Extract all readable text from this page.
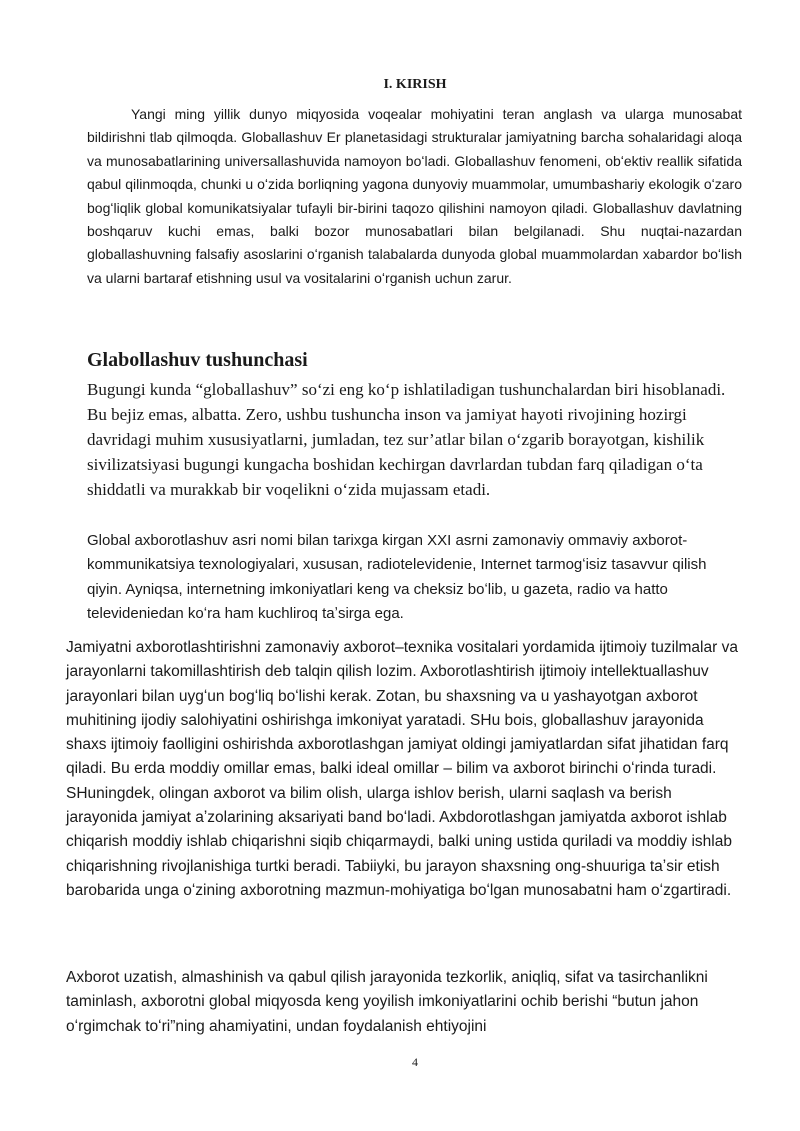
I. KIRISH

Yangi ming yillik dunyo miqyosida voqealar mohiyatini teran anglash va ularga munosabat bildirishni tlab qilmoqda. Globallashuv Er planetasidagi strukturalar jamiyatning barcha sohalaridagi aloqa va munosabatlarining universallashuvida namoyon boʻladi. Globallashuv fenomeni, obʻektiv reallik sifatida qabul qilinmoqda, chunki u oʻzida borliqning yagona dunyoviy muammolar, umumbashariy ekologik oʻzaro bogʻliqlik global komunikatsiyalar tufayli bir-birini taqozo qilishini namoyon qiladi. Globallashuv davlatning boshqaruv kuchi emas, balki bozor munosabatlari bilan belgilanadi. Shu nuqtai-nazardan globallashuvning falsafiy asoslarini oʻrganish talabalarda dunyoda global muammolardan xabardor boʻlish va ularni bartaraf etishning usul va vositalarini oʻrganish uchun zarur.

Glabollashuv tushunchasi

Bugungi kunda “globallashuv” so‘zi eng ko‘p ishlatiladigan tushunchalardan biri hisoblanadi. Bu bejiz emas, albatta. Zero, ushbu tushuncha inson va jamiyat hayoti rivojining hozirgi davridagi muhim xususiyatlarni, jumladan, tez sur’atlar bilan o‘zgarib borayotgan, kishilik sivilizatsiyasi bugungi kungacha boshidan kechirgan davrlardan tubdan farq qiladigan o‘ta shiddatli va murakkab bir voqelikni o‘zida mujassam etadi.

Global axborotlashuv asri nomi bilan tarixga kirgan XXI asrni zamonaviy ommaviy axborot-kommunikatsiya texnologiyalari, xususan, radiotelevidenie, Internet tarmogʻisiz tasavvur qilish qiyin. Ayniqsa, internetning imkoniyatlari keng va cheksiz boʻlib, u gazeta, radio va hatto televideniedan koʻra ham kuchliroq taʼsirga ega.

Jamiyatni axborotlashtirishni zamonaviy axborot–texnika vositalari yordamida ijtimoiy tuzilmalar va jarayonlarni takomillashtirish deb talqin qilish lozim. Axborotlashtirish ijtimoiy intellektuallashuv jarayonlari bilan uygʻun bogʻliq boʻlishi kerak. Zotan, bu shaxsning va u yashayotgan axborot muhitining ijodiy salohiyatini oshirishga imkoniyat yaratadi. SHu bois, globallashuv jarayonida shaxs ijtimoiy faolligini oshirishda axborotlashgan jamiyat oldingi jamiyatlardan sifat jihatidan farq qiladi. Bu erda moddiy omillar emas, balki ideal omillar – bilim va axborot birinchi oʻrinda turadi. SHuningdek, olingan axborot va bilim olish, ularga ishlov berish, ularni saqlash va berish jarayonida jamiyat aʼzolarining aksariyati band boʻladi. Axbdorotlashgan jamiyatda axborot ishlab chiqarish moddiy ishlab chiqarishni siqib chiqarmaydi, balki uning ustida quriladi va moddiy ishlab chiqarishning rivojlanishiga turtki beradi. Tabiiyki, bu jarayon shaxsning ong-shuuriga taʼsir etish barobarida unga oʻzining axborotning mazmun-mohiyatiga boʻlgan munosabatni ham oʻzgartiradi.

Axborot uzatish, almashinish va qabul qilish jarayonida tezkorlik, aniqliq, sifat va tasirchanlikni taminlash, axborotni global miqyosda keng yoyilish imkoniyatlarini ochib berishi “butun jahon oʻrgimchak toʻri”ning ahamiyatini, undan foydalanish ehtiyojini

4
